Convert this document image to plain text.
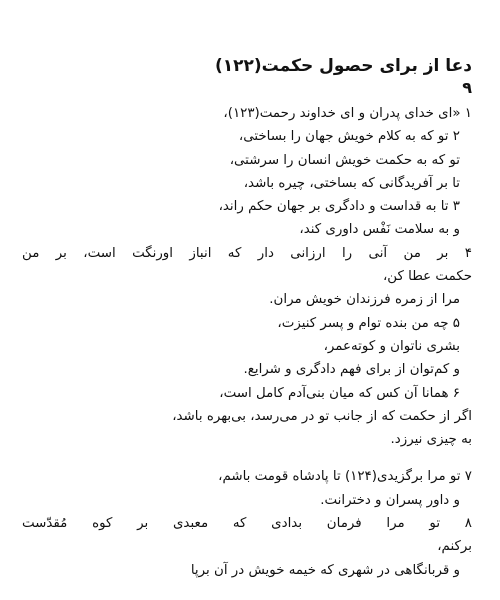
دعا از برای حصول حکمت(۱۲۲)
۹
۱ «ای خدای پدران و ای خداوند رحمت(۱۲۳)،
۲ تو که به کلام خویش جهان را بساختی،
تو که به حکمت خویش انسان را سرشتی،
تا بر آفریدگانی که بساختی، چیره باشد،
۳ تا به قداست و دادگری بر جهان حکم راند،
و به سلامت نَفْس داوری کند،
۴ بر من آنی را ارزانی دار که انباز اورنگت است، بر من
حکمت عطا کن،
مرا از زمره فرزندان خویش مران.
۵ چه من بنده توام و پسر کنیزت،
بشری ناتوان و کوته‌عمر،
و کم‌توان از برای فهم دادگری و شرایع.
۶ همانا آن کس که میان بنی‌آدم کامل است،
اگر از حکمت که از جانب تو در می‌رسد، بی‌بهره باشد،
به چیزی نیرزد.
۷ تو مرا برگزیدی(۱۲۴) تا پادشاه قومت باشم،
و داور پسران و دخترانت.
۸ تو مرا فرمان بدادی که معبدی بر کوه مُقدّست
برکنم،
و قربانگاهی در شهری که خیمه خویش در آن برپا
